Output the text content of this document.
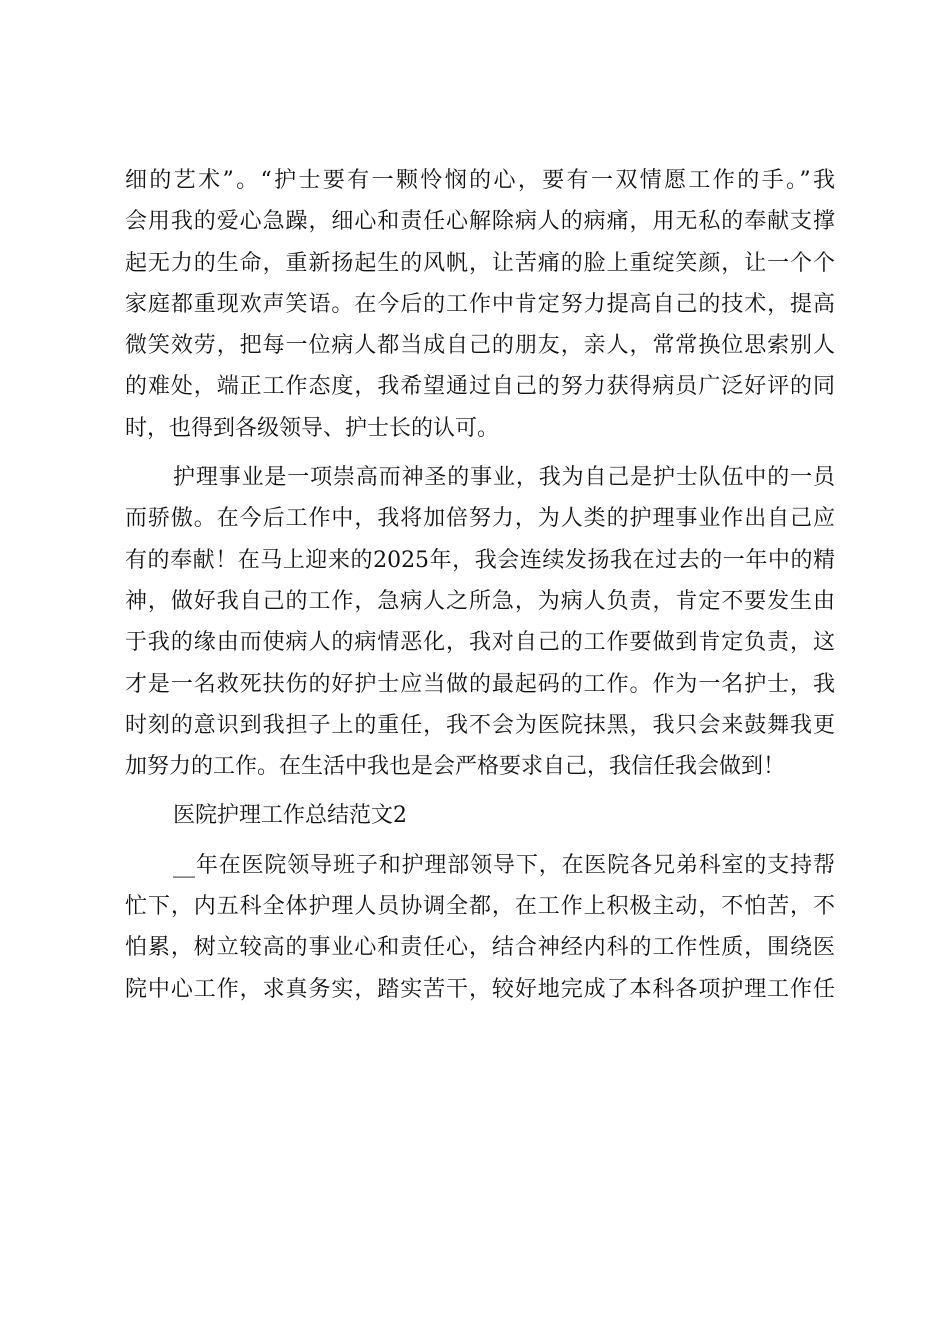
细的艺术”。“护士要有一颗怜悯的心，要有一双情愿工作的手。”我
会用我的爱心急躁，细心和责任心解除病人的病痛，用无私的奉献支撑
起无力的生命，重新扬起生的风帆，让苦痛的脸上重绽笑颜，让一个个
家庭都重现欢声笑语。在今后的工作中肯定努力提高自己的技术，提高
微笑效劳，把每一位病人都当成自己的朋友，亲人，常常换位思索别人
的难处，端正工作态度，我希望通过自己的努力获得病员广泛好评的同
时，也得到各级领导、护士长的认可。
护理事业是一项崇高而神圣的事业，我为自己是护士队伍中的一员
而骄傲。在今后工作中，我将加倍努力，为人类的护理事业作出自己应
有的奉献！在马上迎来的2025年，我会连续发扬我在过去的一年中的精
神，做好我自己的工作，急病人之所急，为病人负责，肯定不要发生由
于我的缘由而使病人的病情恶化，我对自己的工作要做到肯定负责，这
才是一名救死扶伤的好护士应当做的最起码的工作。作为一名护士，我
时刻的意识到我担子上的重任，我不会为医院抹黑，我只会来鼓舞我更
加努力的工作。在生活中我也是会严格要求自己，我信任我会做到！
医院护理工作总结范文2
__年在医院领导班子和护理部领导下，在医院各兄弟科室的支持帮
忙下，内五科全体护理人员协调全都，在工作上积极主动，不怕苦，不
怕累，树立较高的事业心和责任心，结合神经内科的工作性质，围绕医
院中心工作，求真务实，踏实苦干，较好地完成了本科各项护理工作任
